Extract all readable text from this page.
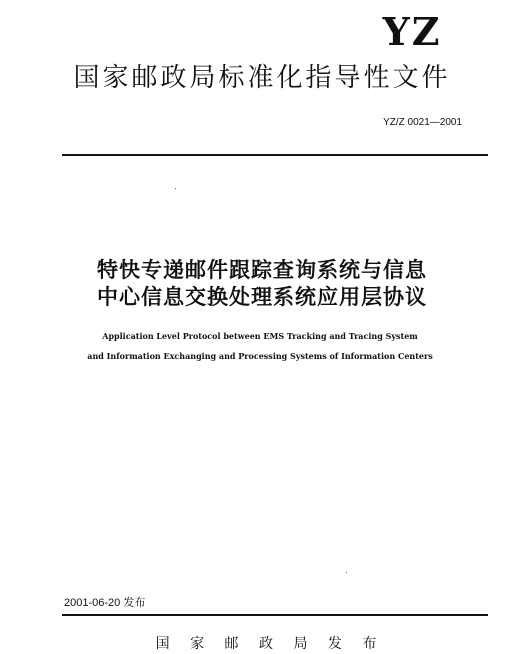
YZ
国家邮政局标准化指导性文件
YZ/Z 0021—2001
特快专递邮件跟踪查询系统与信息
中心信息交换处理系统应用层协议
Application Level Protocol between EMS Tracking and Tracing System
and Information Exchanging and Processing Systems of Information Centers
2001-06-20 发布
国 家 邮 政 局 发 布
